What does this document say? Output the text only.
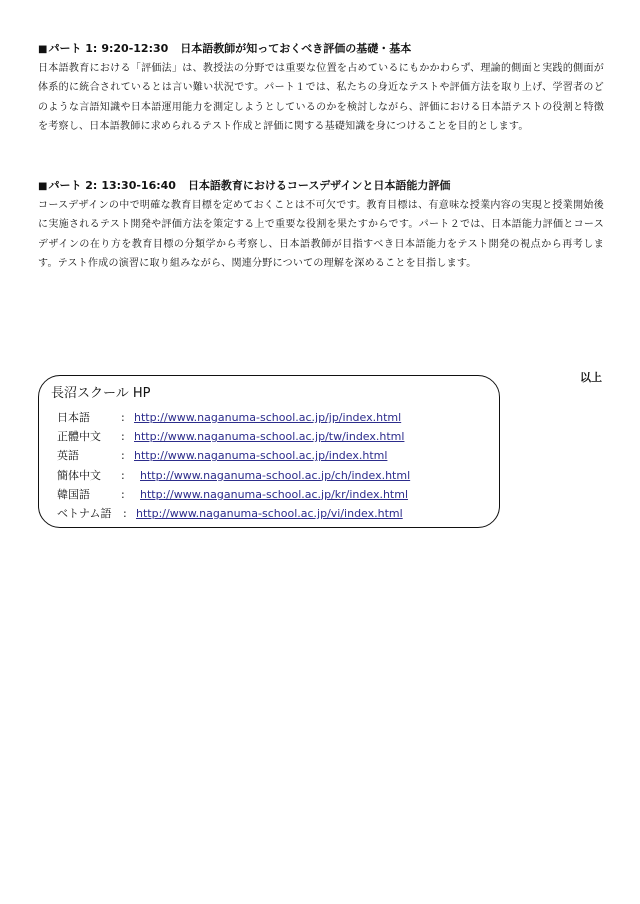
■パート 1: 9:20-12:30 日本語教師が知っておくべき評価の基礎・基本

日本語教育における「評価法」は、教授法の分野では重要な位置を占めているにもかかわらず、理論的側面と実践的側面が体系的に統合されているとは言い難い状況です。パート１では、私たちの身近なテストや評価方法を取り上げ、学習者のどのような言語知識や日本語運用能力を測定しようとしているのかを検討しながら、評価における日本語テストの役割と特徴を考察し、日本語教師に求められるテスト作成と評価に関する基礎知識を身につけることを目的とします。

■パート 2: 13:30-16:40 日本語教育におけるコースデザインと日本語能力評価

コースデザインの中で明確な教育目標を定めておくことは不可欠です。教育目標は、有意味な授業内容の実現と授業開始後に実施されるテスト開発や評価方法を策定する上で重要な役割を果たすからです。パート２では、日本語能力評価とコースデザインの在り方を教育目標の分類学から考察し、日本語教師が目指すべき日本語能力をテスト開発の視点から再考します。テスト作成の演習に取り組みながら、関連分野についての理解を深めることを目指します。

以上
長沼スクール HP
日本語	: http://www.naganuma-school.ac.jp/jp/index.html
正體中文 : http://www.naganuma-school.ac.jp/tw/index.html
英語	: http://www.naganuma-school.ac.jp/index.html
簡体中文 : http://www.naganuma-school.ac.jp/ch/index.html
韓国語	: http://www.naganuma-school.ac.jp/kr/index.html
ベトナム語 : http://www.naganuma-school.ac.jp/vi/index.html
